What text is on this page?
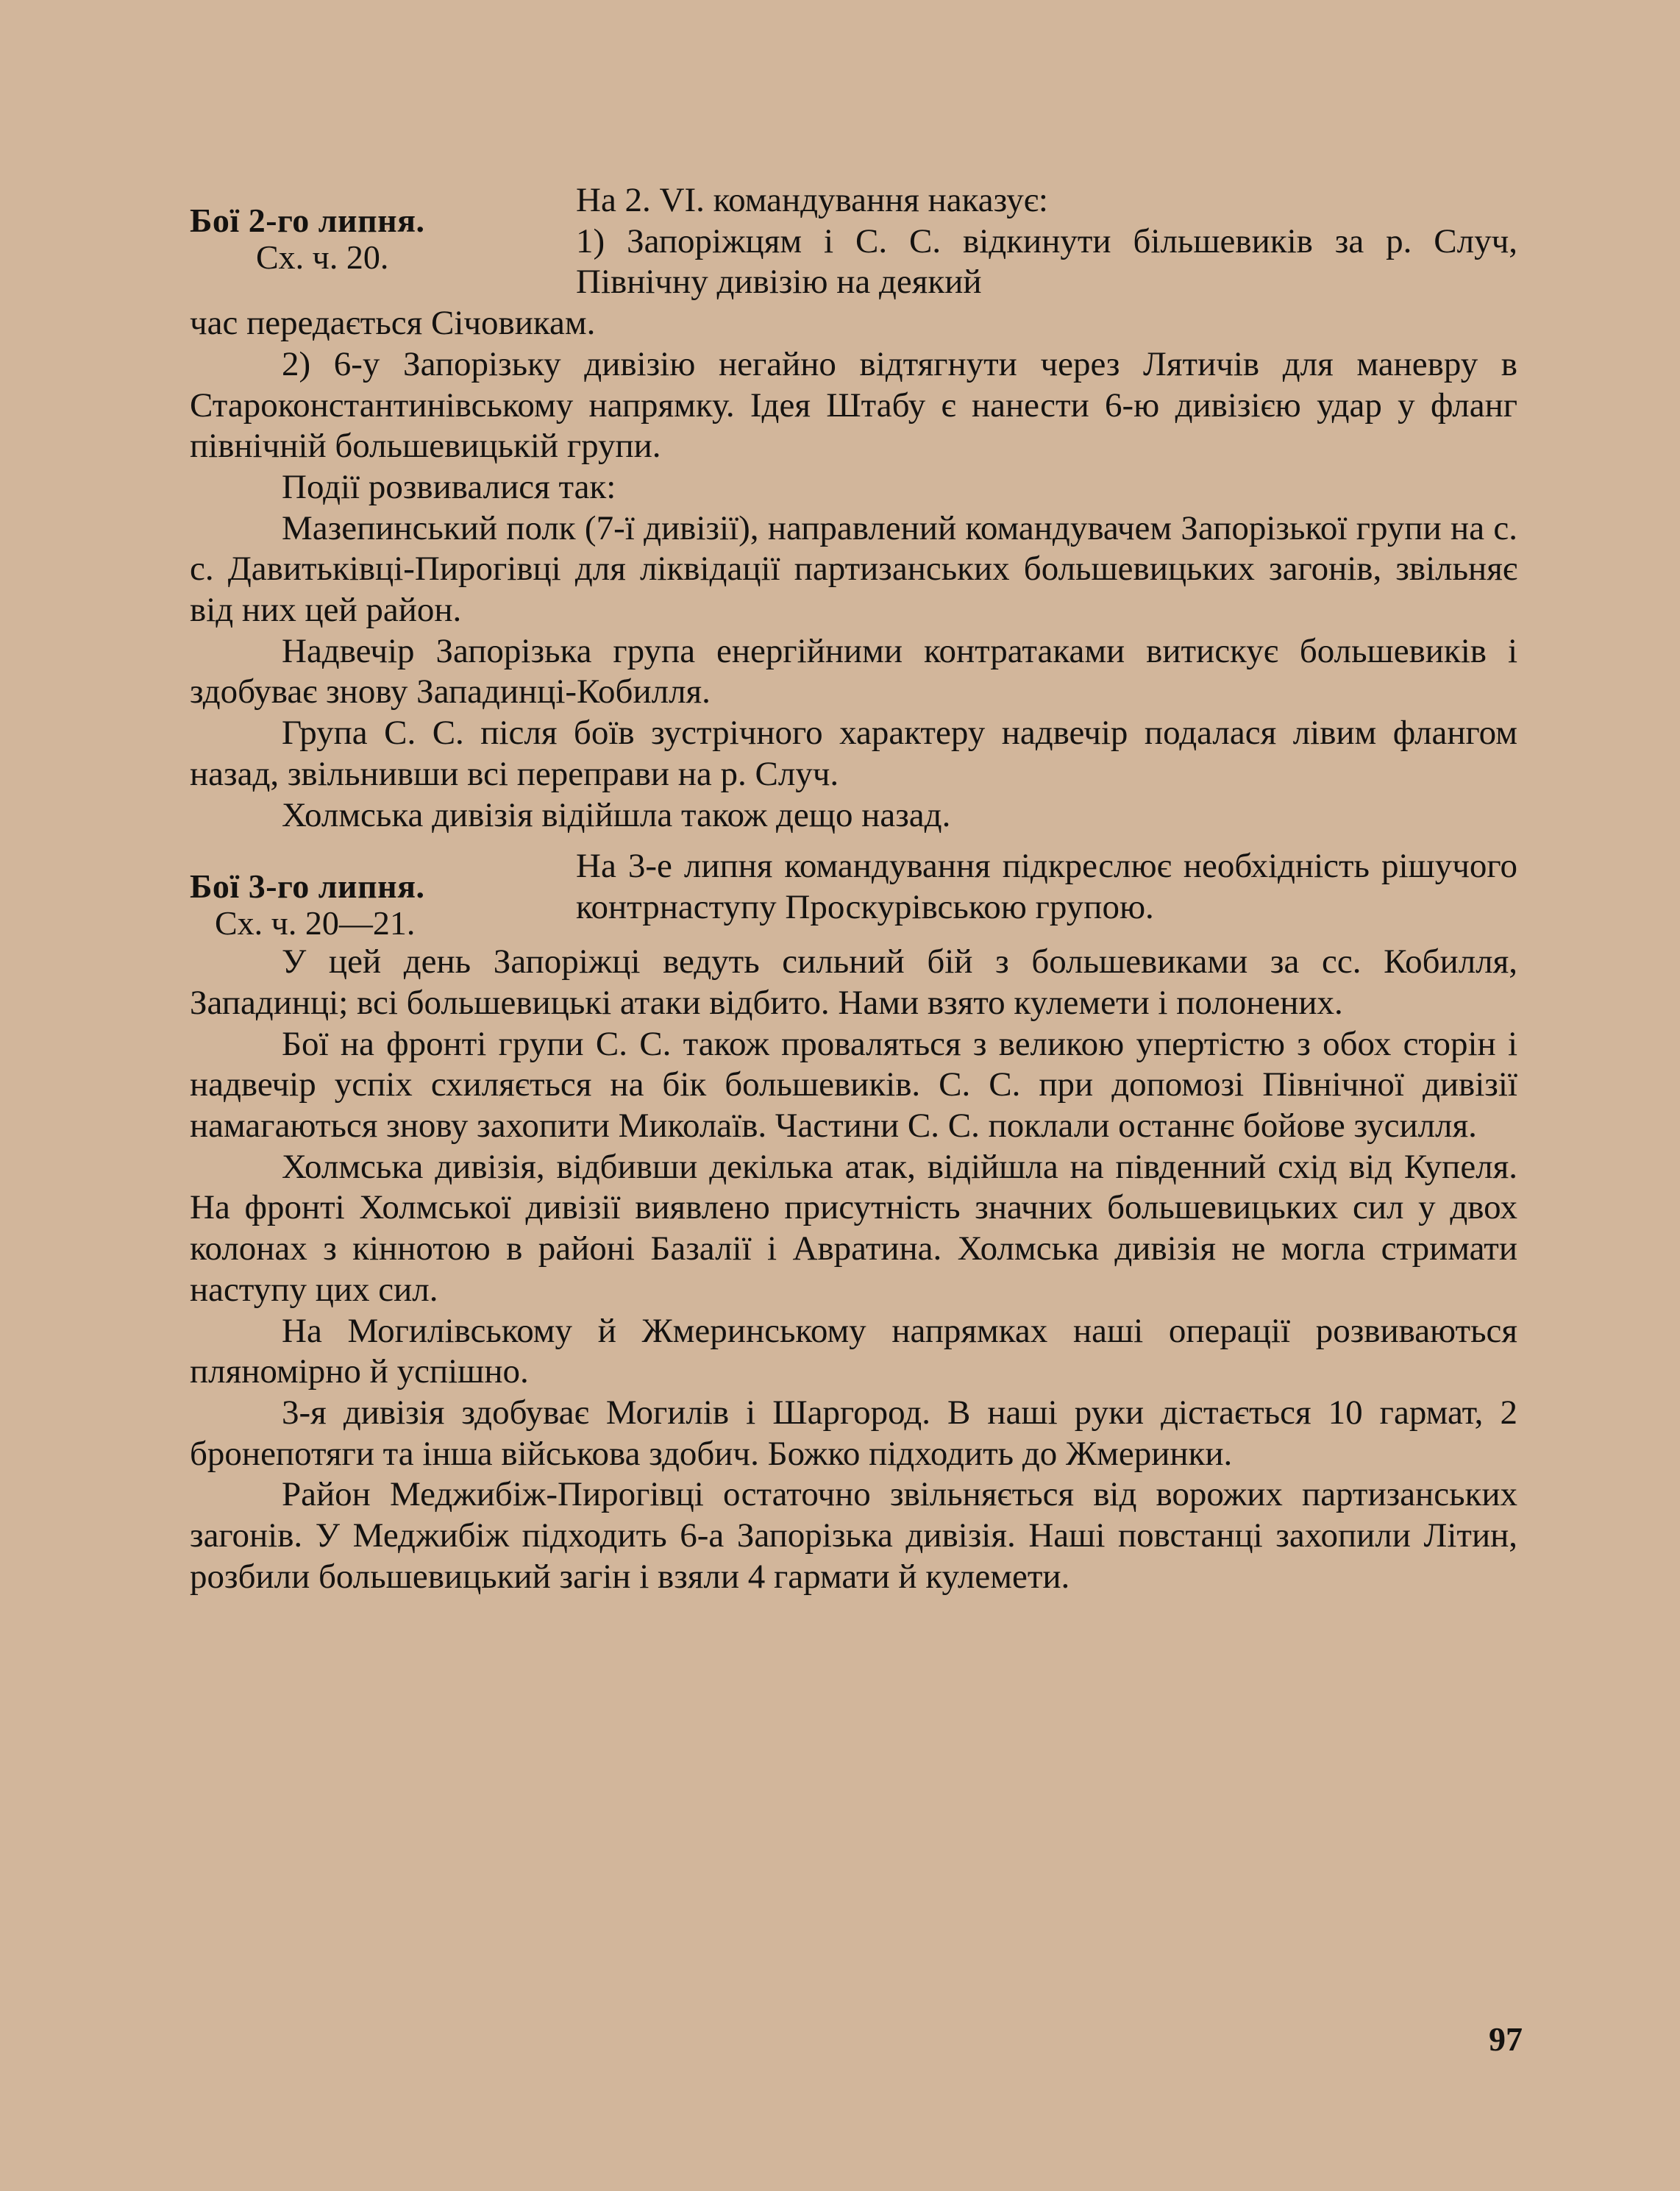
Бої 2-го липня.
Сх. ч. 20.

На 2. VI. командування наказує:

1) Запоріжцям і С. С. відкинути більшевиків за р. Случ, Північну дивізію на деякий

час передається Січовикам.

2) 6-у Запорізьку дивізію негайно відтягнути через Лятичів для маневру в Староконстантинівському напрямку. Ідея Штабу є нанести 6-ю дивізією удар у фланг північній большевицькій групи.

Події розвивалися так:

Мазепинський полк (7-ї дивізії), направлений командувачем Запорізької групи на с. с. Давитьківці-Пирогівці для ліквідації партизанських большевицьких загонів, звільняє від них цей район.

Надвечір Запорізька група енергійними контратаками витискує большевиків і здобуває знову Западинці-Кобилля.

Група С. С. після боїв зустрічного характеру надвечір подалася лівим флангом назад, звільнивши всі переправи на р. Случ.

Холмська дивізія відійшла також дещо назад.

Бої 3-го липня.
Сх. ч. 20—21.

На 3-е липня командування підкреслює необхідність рішучого контрнаступу Проскурівською групою.

У цей день Запоріжці ведуть сильний бій з большевиками за сс. Кобилля, Западинці; всі большевицькі атаки відбито. Нами взято кулемети і полонених.

Бої на фронті групи С. С. також проваляться з великою упертістю з обох сторін і надвечір успіх схиляється на бік большевиків. С. С. при допомозі Північної дивізії намагаються знову захопити Миколаїв. Частини С. С. поклали останнє бойове зусилля.

Холмська дивізія, відбивши декілька атак, відійшла на південний схід від Купеля. На фронті Холмської дивізії виявлено присутність значних большевицьких сил у двох колонах з кіннотою в районі Базалії і Авратина. Холмська дивізія не могла стримати наступу цих сил.

На Могилівському й Жмеринському напрямках наші операції розвиваються пляномірно й успішно.

3-я дивізія здобуває Могилів і Шаргород. В наші руки дістається 10 гармат, 2 бронепотяги та інша військова здобич. Божко підходить до Жмеринки.

Район Меджибіж-Пирогівці остаточно звільняється від ворожих партизанських загонів. У Меджибіж підходить 6-а Запорізька дивізія. Наші повстанці захопили Літин, розбили большевицький загін і взяли 4 гармати й кулемети.

97
